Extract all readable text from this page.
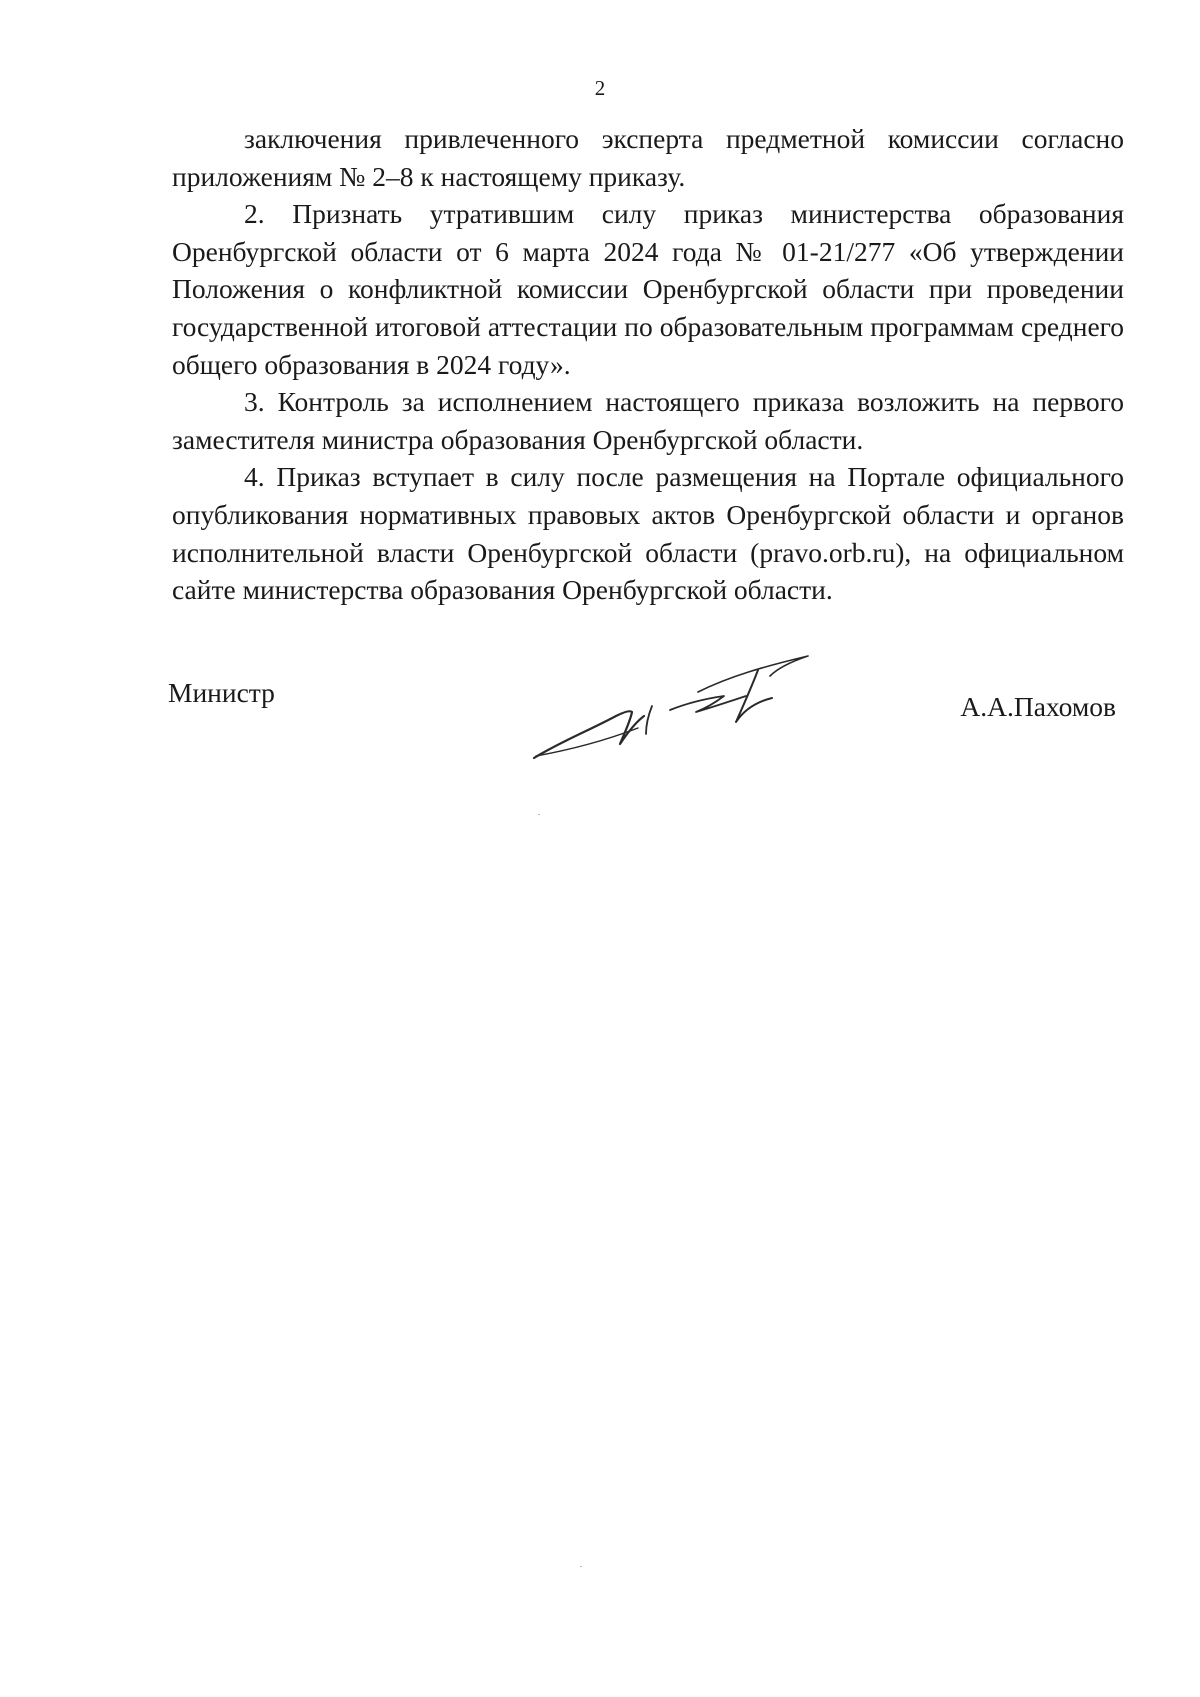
2

заключения привлеченного эксперта предметной комиссии согласно приложениям № 2–8 к настоящему приказу.

2. Признать утратившим силу приказ министерства образования Оренбургской области от 6 марта 2024 года № 01-21/277 «Об утверждении Положения о конфликтной комиссии Оренбургской области при проведении государственной итоговой аттестации по образовательным программам среднего общего образования в 2024 году».

3. Контроль за исполнением настоящего приказа возложить на первого заместителя министра образования Оренбургской области.

4. Приказ вступает в силу после размещения на Портале официального опубликования нормативных правовых актов Оренбургской области и органов исполнительной власти Оренбургской области (pravo.orb.ru), на официальном сайте министерства образования Оренбургской области.

Министр	А.А.Пахомов
